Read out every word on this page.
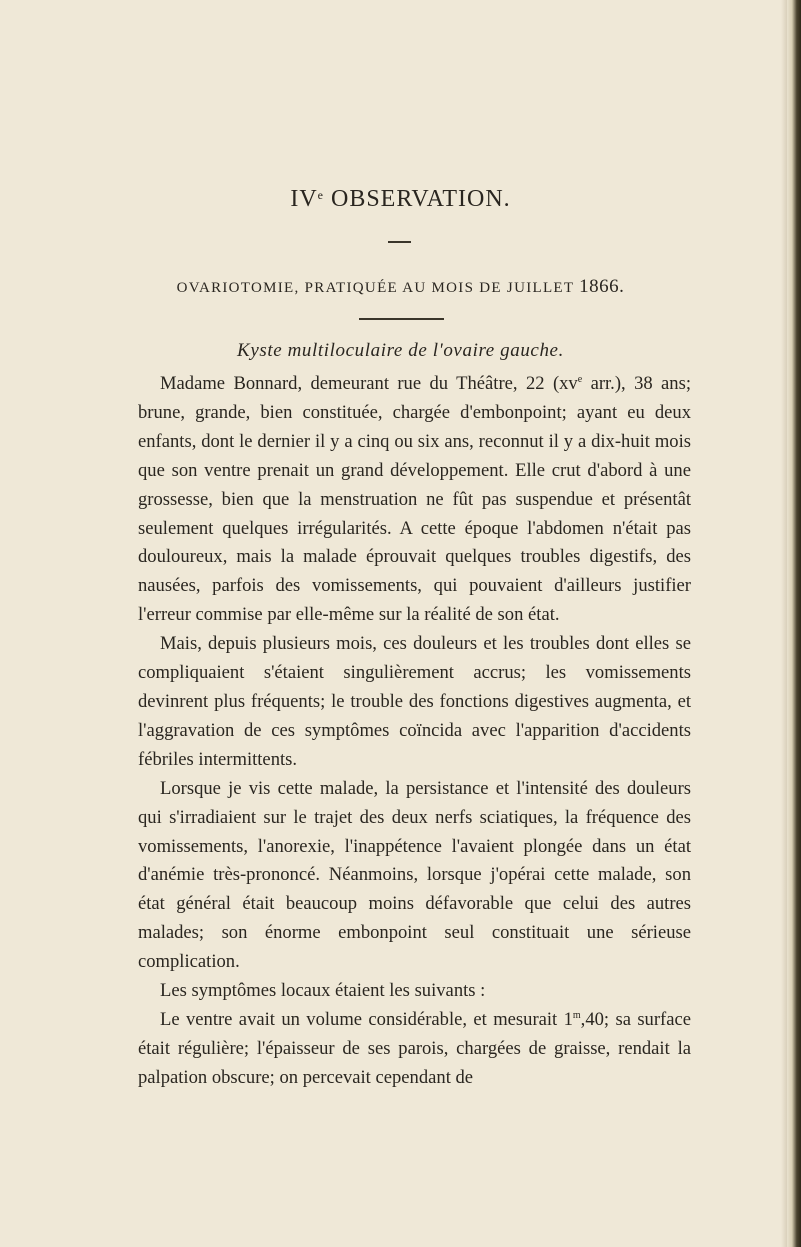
IVe OBSERVATION.
OVARIOTOMIE, PRATIQUÉE AU MOIS DE JUILLET 1866.
Kyste multiloculaire de l'ovaire gauche.

Madame Bonnard, demeurant rue du Théâtre, 22 ($xv^e$ arr.), 38 ans; brune, grande, bien constituée, chargée d'embonpoint; ayant eu deux enfants, dont le dernier il y a cinq ou six ans, reconnut il y a dix-huit mois que son ventre prenait un grand développement. Elle crut d'abord à une grossesse, bien que la menstruation ne fût pas suspendue et présentât seulement quelques irrégularités. A cette époque l'abdomen n'était pas douloureux, mais la malade éprouvait quelques troubles digestifs, des nausées, parfois des vomissements, qui pouvaient d'ailleurs justifier l'erreur commise par elle-même sur la réalité de son état.

Mais, depuis plusieurs mois, ces douleurs et les troubles dont elles se compliquaient s'étaient singulièrement accrus; les vomissements devinrent plus fréquents; le trouble des fonctions digestives augmenta, et l'aggravation de ces symptômes coïncida avec l'apparition d'accidents fébriles intermittents.

Lorsque je vis cette malade, la persistance et l'intensité des douleurs qui s'irradiaient sur le trajet des deux nerfs sciatiques, la fréquence des vomissements, l'anorexie, l'inappétence l'avaient plongée dans un état d'anémie très-prononcé. Néanmoins, lorsque j'opérai cette malade, son état général était beaucoup moins défavorable que celui des autres malades; son énorme embonpoint seul constituait une sérieuse complication.

Les symptômes locaux étaient les suivants :

Le ventre avait un volume considérable, et mesurait 1$^m$,40; sa surface était régulière; l'épaisseur de ses parois, chargées de graisse, rendait la palpation obscure; on percevait cependant de
